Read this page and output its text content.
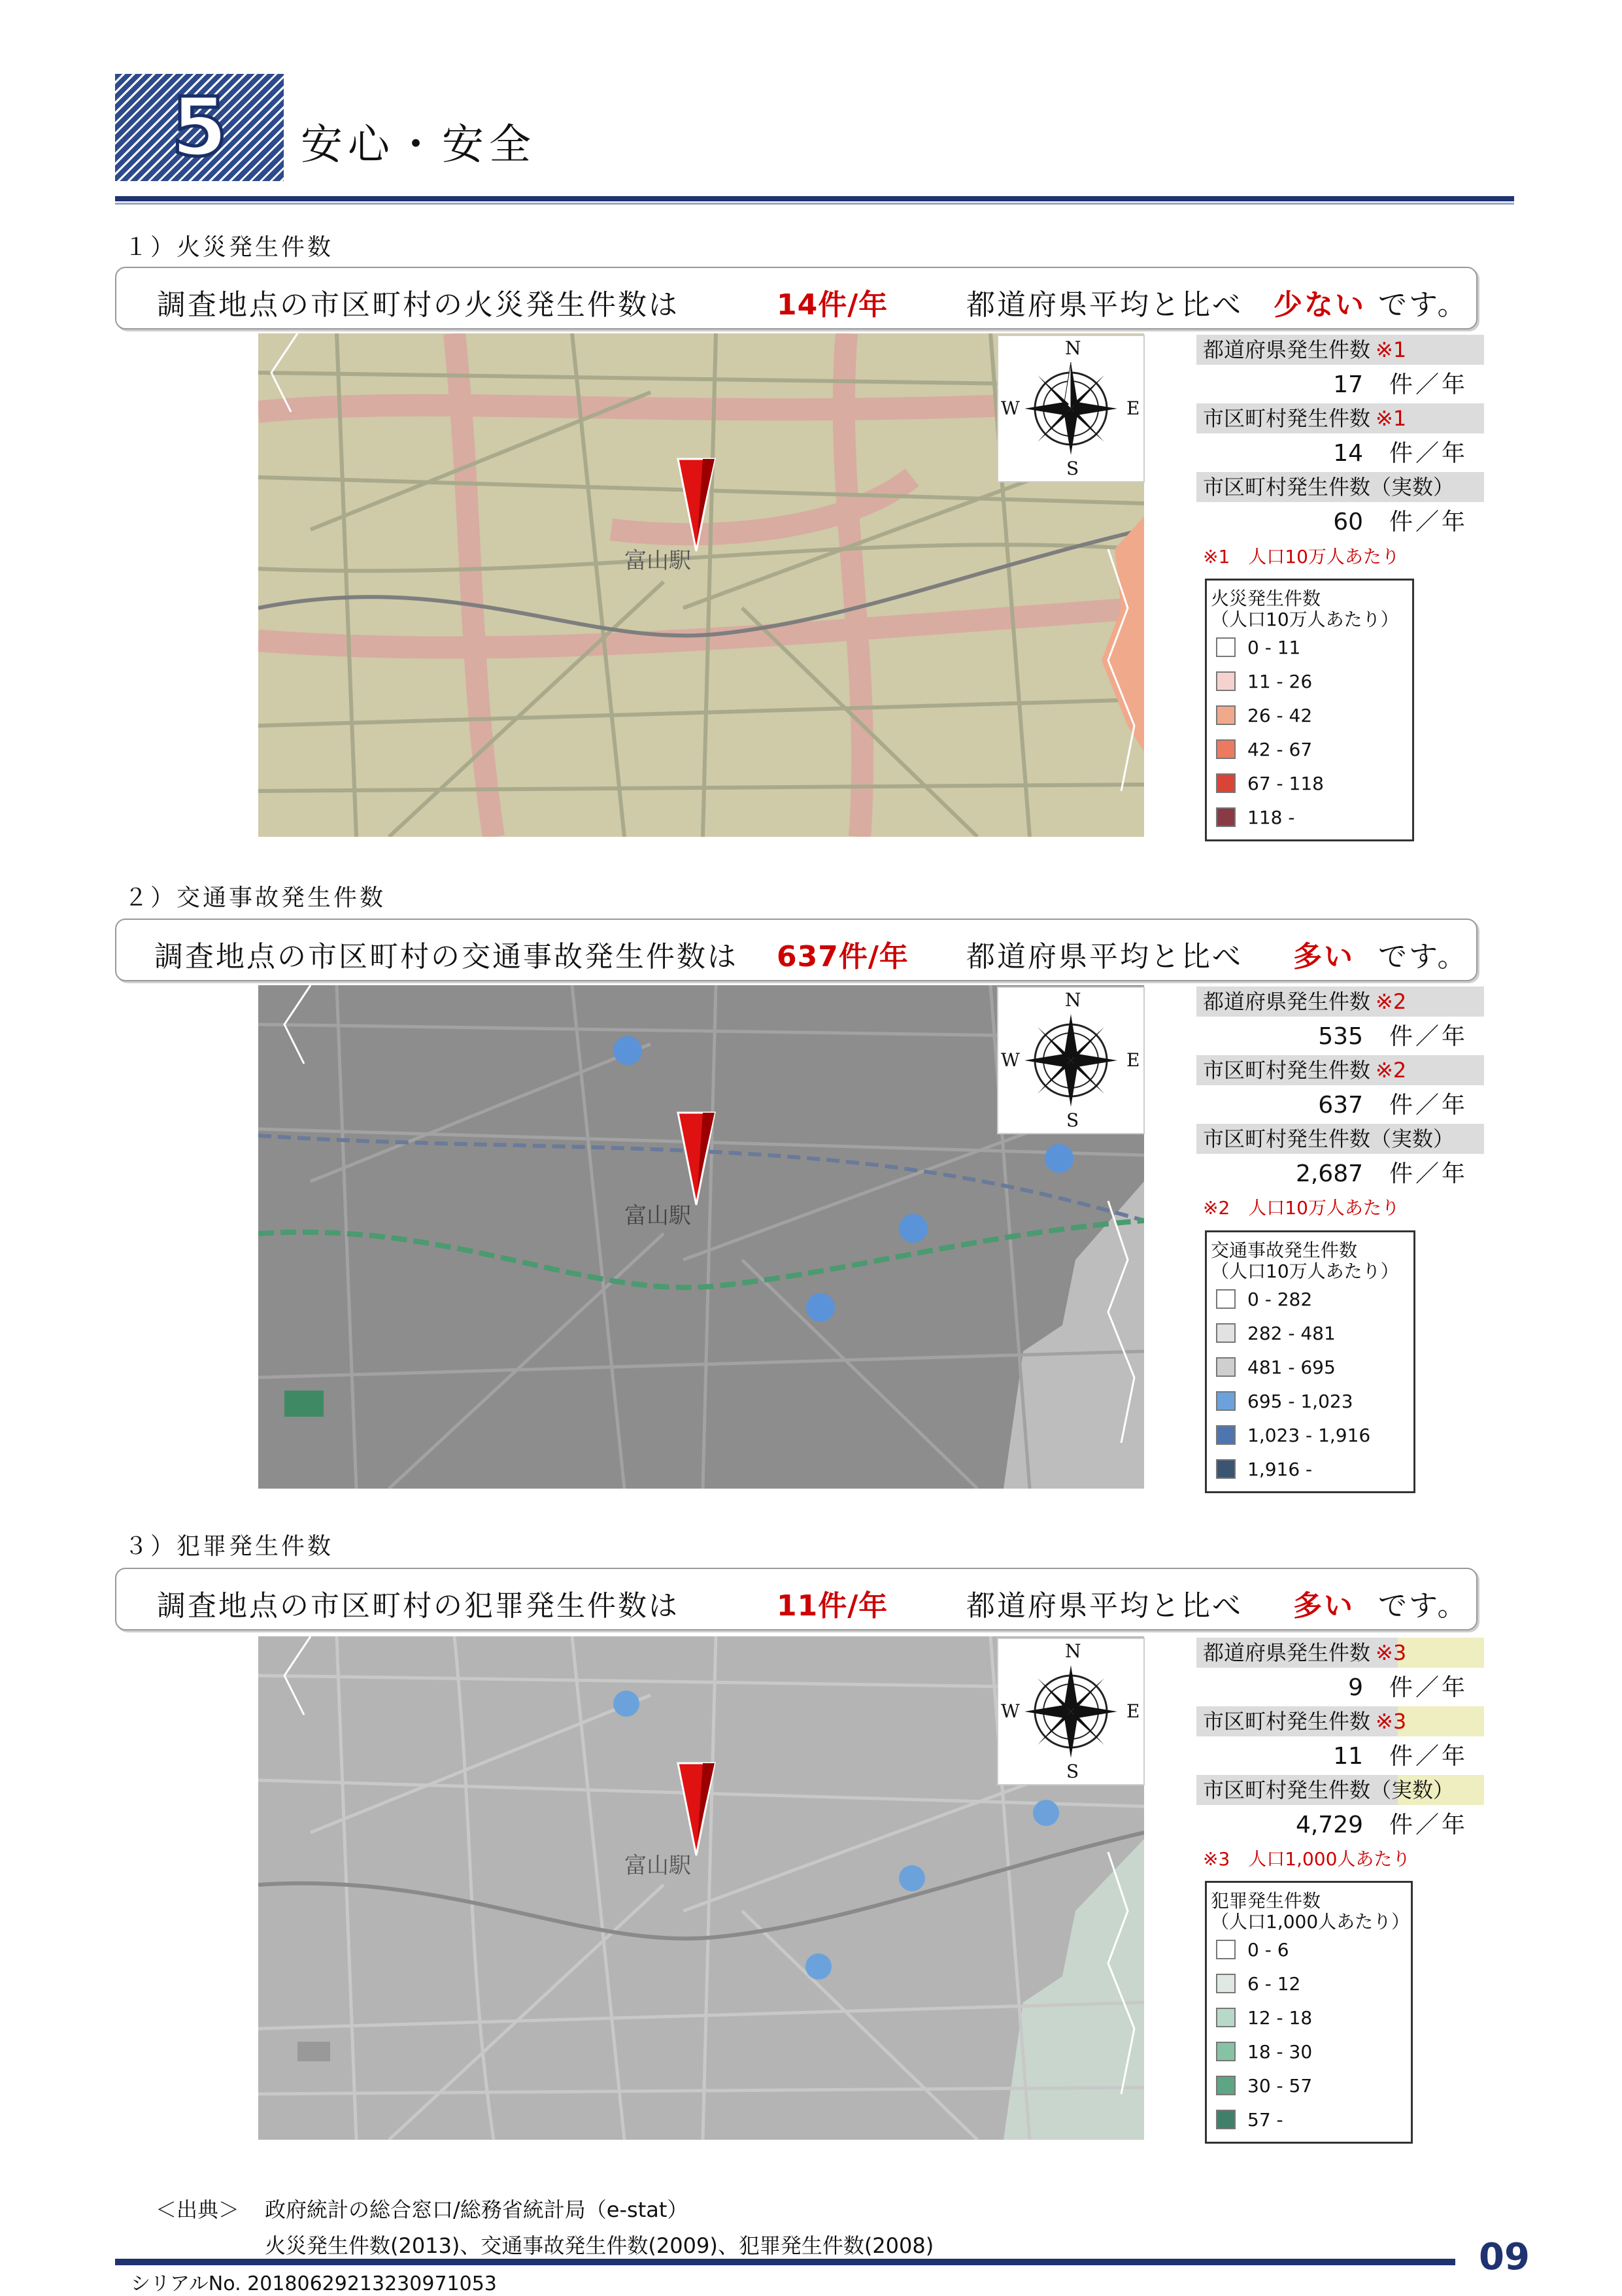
5 安心・安全
１）火災発生件数
調査地点の市区町村の火災発生件数は	14件/年	都道府県平均と比べ 少ない です。
富山駅
N
S
W	E
都道府県発生件数 ※1
17 件／年
市区町村発生件数 ※1
14 件／年
市区町村発生件数（実数）
60 件／年
※1　人口10万人あたり
火災発生件数
（人口10万人あたり）
0 - 11
11 - 26
26 - 42
42 - 67
67 - 118
118 -
２）交通事故発生件数
調査地点の市区町村の交通事故発生件数は 637件/年 都道府県平均と比べ 多い です。
富山駅
N
S
W	E
都道府県発生件数 ※2
535 件／年
市区町村発生件数 ※2
637 件／年
市区町村発生件数（実数）
2,687 件／年
※2　人口10万人あたり
交通事故発生件数
（人口10万人あたり）
0 - 282
282 - 481
481 - 695
695 - 1,023
1,023 - 1,916
1,916 -
３）犯罪発生件数
調査地点の市区町村の犯罪発生件数は	11件/年	都道府県平均と比べ 多い です。
富山駅
N
S
W	E
都道府県発生件数 ※3
9 件／年
市区町村発生件数 ※3
11 件／年
市区町村発生件数（実数）
4,729 件／年
※3　人口1,000人あたり
犯罪発生件数
（人口1,000人あたり）
0 - 6
6 - 12
12 - 18
18 - 30
30 - 57
57 -
＜出典＞ 政府統計の総合窓口/総務省統計局（e-stat）
火災発生件数(2013)、交通事故発生件数(2009)、犯罪発生件数(2008)
シリアルNo. 20180629213230971053
09
